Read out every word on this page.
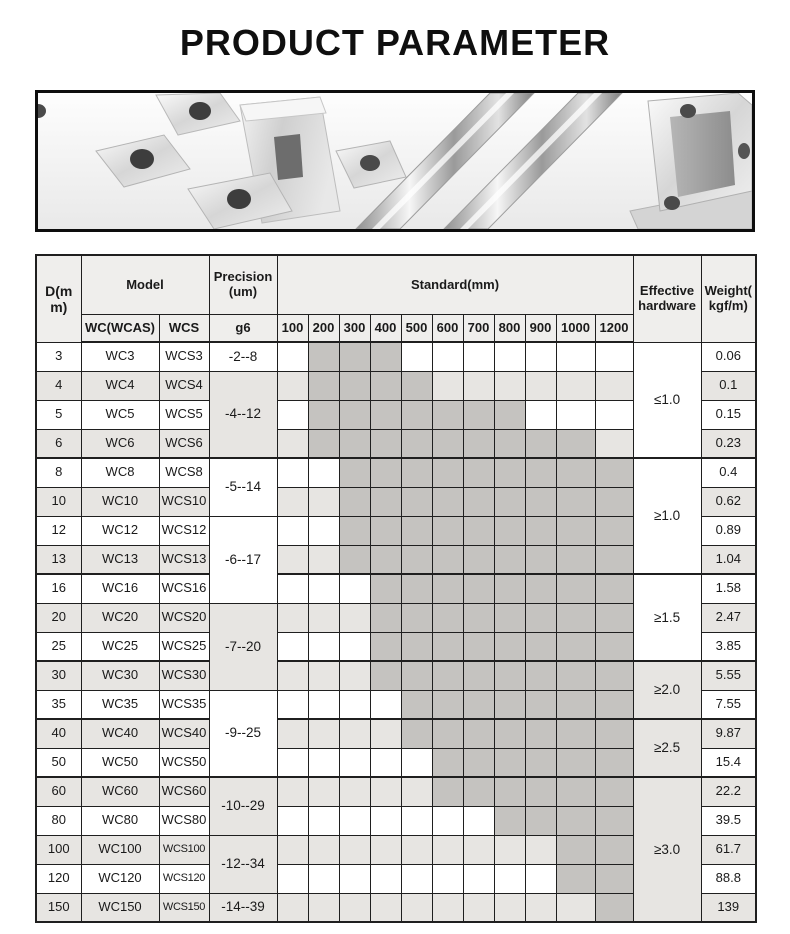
PRODUCT PARAMETER
D(m m)	Model		Precision (um)	Standard(mm)											Effective hardware	Weight( kgf/m)
	WC(WCAS)	WCS	g6	100	200	300	400	500	600	700	800	900	1000	1200		
3	WC3	WCS3	-2--8												≤1.0	0.06
4	WC4	WCS4	-4--12													0.1
5	WC5	WCS5														0.15
6	WC6	WCS6														0.23
8	WC8	WCS8	-5--14												≥1.0	0.4
10	WC10	WCS10														0.62
12	WC12	WCS12	-6--17													0.89
13	WC13	WCS13														1.04
16	WC16	WCS16													≥1.5	1.58
20	WC20	WCS20	-7--20													2.47
25	WC25	WCS25														3.85
30	WC30	WCS30													≥2.0	5.55
35	WC35	WCS35	-9--25													7.55
40	WC40	WCS40													≥2.5	9.87
50	WC50	WCS50														15.4
60	WC60	WCS60	-10--29												≥3.0	22.2
80	WC80	WCS80														39.5
100	WC100	WCS100	-12--34													61.7
120	WC120	WCS120														88.8
150	WC150	WCS150	-14--39													139
